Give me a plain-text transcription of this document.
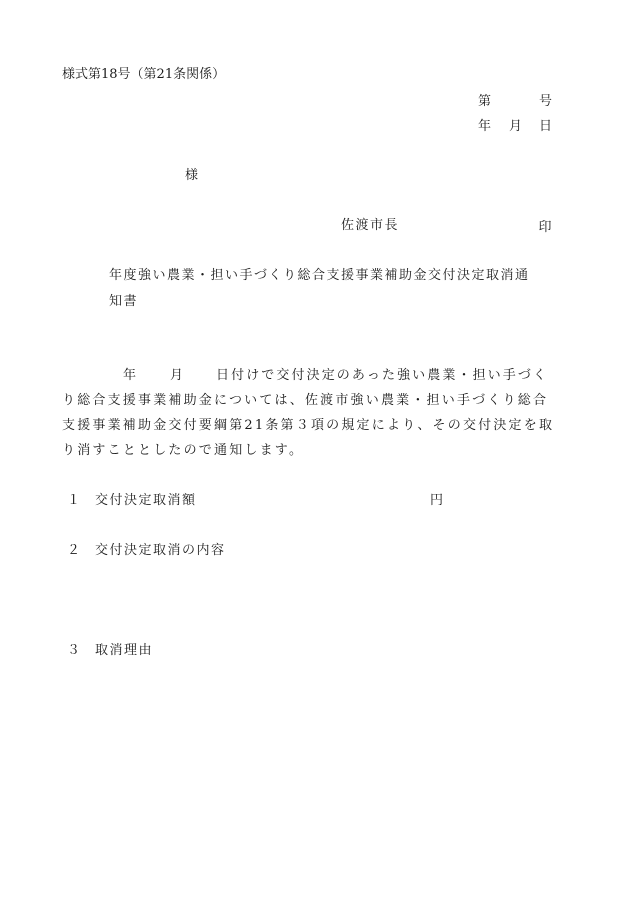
様式第18号（第21条関係）
第	号
年 月 日
様
佐渡市長	印
年度強い農業・担い手づくり総合支援事業補助金交付決定取消通
知書
年	月	日付けで交付決定のあった強い農業・担い手づく
り総合支援事業補助金については、佐渡市強い農業・担い手づくり総合
支援事業補助金交付要綱第21条第３項の規定により、その交付決定を取
り消すこととしたので通知します。
１ 交付決定取消額	円
２ 交付決定取消の内容
３ 取消理由
